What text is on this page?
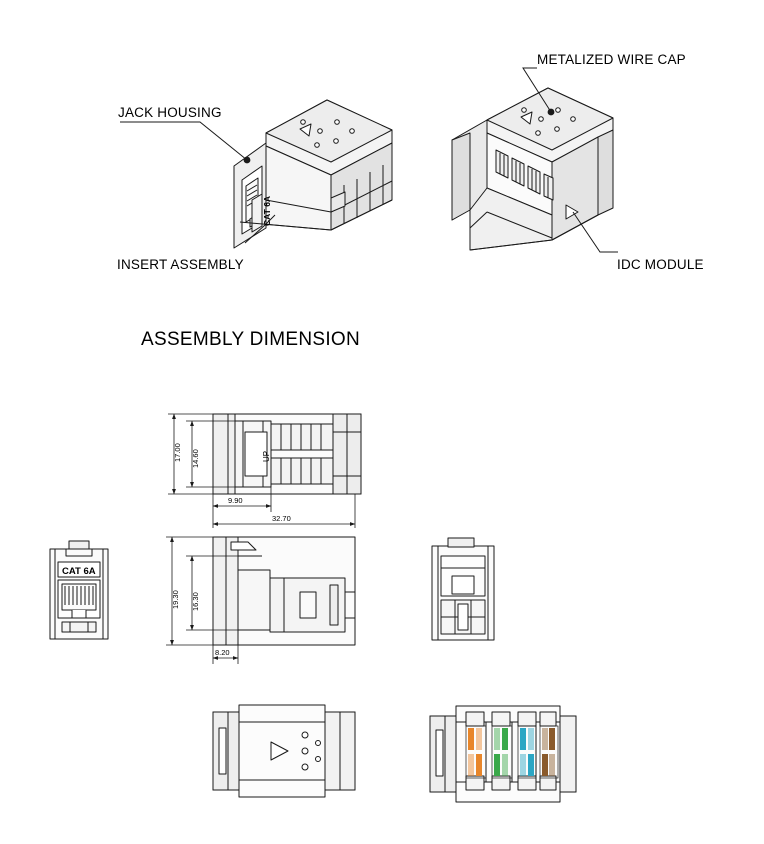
JACK HOUSING
INSERT ASSEMBLY
METALIZED WIRE CAP
IDC MODULE
ASSEMBLY DIMENSION
17.00 14.60
9.90
32.70
19.30 16.30
8.20
CAT 6A
UP
CAT 6A
